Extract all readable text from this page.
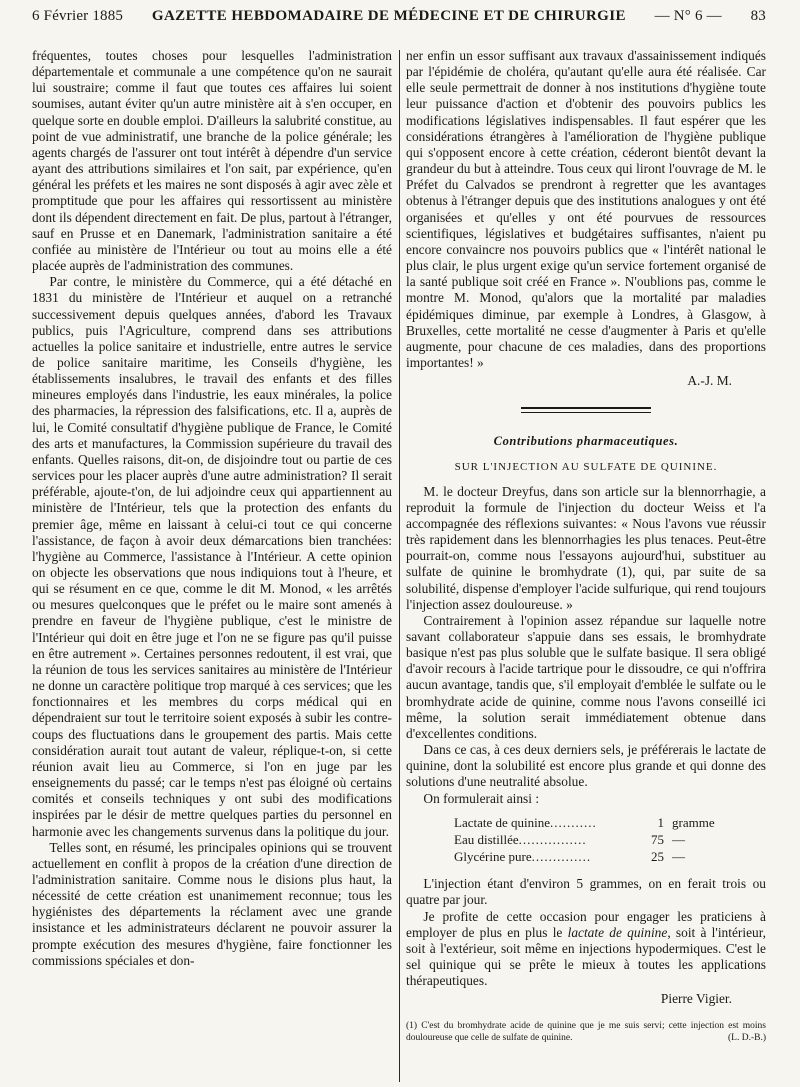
6 Février 1885 GAZETTE HEBDOMADAIRE DE MÉDECINE ET DE CHIRURGIE — N° 6 — 83

fréquentes, toutes choses pour lesquelles l'administration départementale et communale a une compétence qu'on ne saurait lui soustraire; comme il faut que toutes ces affaires lui soient soumises, autant éviter qu'un autre ministère ait à s'en occuper, en quelque sorte en double emploi. D'ailleurs la salubrité constitue, au point de vue administratif, une branche de la police générale; les agents chargés de l'assurer ont tout intérêt à dépendre d'un service ayant des attributions similaires et l'on sait, par expérience, qu'en général les préfets et les maires ne sont disposés à agir avec zèle et promptitude que pour les affaires qui ressortissent au ministère dont ils dépendent directement en fait. De plus, partout à l'étranger, sauf en Prusse et en Danemark, l'administration sanitaire a été confiée au ministère de l'Intérieur ou tout au moins elle a été placée auprès de l'administration des communes.

Par contre, le ministère du Commerce, qui a été détaché en 1831 du ministère de l'Intérieur et auquel on a retranché successivement depuis quelques années, d'abord les Travaux publics, puis l'Agriculture, comprend dans ses attributions actuelles la police sanitaire et industrielle, entre autres le service de police sanitaire maritime, les Conseils d'hygiène, les établissements insalubres, le travail des enfants et des filles mineures employés dans l'industrie, les eaux minérales, la police des pharmacies, la répression des falsifications, etc. Il a, auprès de lui, le Comité consultatif d'hygiène publique de France, le Comité des arts et manufactures, la Commission supérieure du travail des enfants. Quelles raisons, dit-on, de disjoindre tout ou partie de ces services pour les placer auprès d'une autre administration? Il serait préférable, ajoute-t'on, de lui adjoindre ceux qui appartiennent au ministère de l'Intérieur, tels que la protection des enfants du premier âge, même en laissant à celui-ci tout ce qui concerne l'assistance, de façon à avoir deux démarcations bien tranchées: l'hygiène au Commerce, l'assistance à l'Intérieur. A cette opinion on objecte les observations que nous indiquions tout à l'heure, et qui se résument en ce que, comme le dit M. Monod, « les arrêtés ou mesures quelconques que le préfet ou le maire sont amenés à prendre en faveur de l'hygiène publique, c'est le ministre de l'Intérieur qui doit en être juge et l'on ne se figure pas qu'il puisse en être autrement ». Certaines personnes redoutent, il est vrai, que la réunion de tous les services sanitaires au ministère de l'Intérieur ne donne un caractère politique trop marqué à ces services; que les fonctionnaires et les membres du corps médical qui en dépendraient sur tout le territoire soient exposés à subir les contre-coups des fluctuations dans le groupement des partis. Mais cette considération aurait tout autant de valeur, réplique-t-on, si cette réunion avait lieu au Commerce, si l'on en juge par les enseignements du passé; car le temps n'est pas éloigné où certains comités et conseils techniques y ont subi des modifications inspirées par le désir de mettre quelques parties du personnel en harmonie avec les changements survenus dans la politique du jour.

Telles sont, en résumé, les principales opinions qui se trouvent actuellement en conflit à propos de la création d'une direction de l'administration sanitaire. Comme nous le disions plus haut, la nécessité de cette création est unanimement reconnue; tous les hygiénistes des départements la réclament avec une grande insistance et les administrateurs déclarent ne pouvoir assurer la prompte exécution des mesures d'hygiène, faire fonctionner les commissions spéciales et don-

ner enfin un essor suffisant aux travaux d'assainissement indiqués par l'épidémie de choléra, qu'autant qu'elle aura été réalisée. Car elle seule permettrait de donner à nos institutions d'hygiène toute leur puissance d'action et d'obtenir des pouvoirs publics les modifications législatives indispensables. Il faut espérer que les considérations étrangères à l'amélioration de l'hygiène publique qui s'opposent encore à cette création, céderont bientôt devant la grandeur du but à atteindre. Tous ceux qui liront l'ouvrage de M. le Préfet du Calvados se prendront à regretter que les avantages obtenus à l'étranger depuis que des institutions analogues y ont été organisées et qu'elles y ont été pourvues de ressources scientifiques, législatives et budgétaires suffisantes, n'aient pu encore convaincre nos pouvoirs publics que « l'intérêt national le plus clair, le plus urgent exige qu'un service fortement organisé de la santé publique soit créé en France ». N'oublions pas, comme le montre M. Monod, qu'alors que la mortalité par maladies épidémiques diminue, par exemple à Londres, à Glasgow, à Bruxelles, cette mortalité ne cesse d'augmenter à Paris et qu'elle augmente, pour chacune de ces maladies, dans des proportions importantes! »

A.-J. M.
Contributions pharmaceutiques.
SUR L'INJECTION AU SULFATE DE QUININE.

M. le docteur Dreyfus, dans son article sur la blennorrhagie, a reproduit la formule de l'injection du docteur Weiss et l'a accompagnée des réflexions suivantes: « Nous l'avons vue réussir très rapidement dans les blennorrhagies les plus tenaces. Peut-être pourrait-on, comme nous l'essayons aujourd'hui, substituer au sulfate de quinine le bromhydrate (1), qui, par suite de sa solubilité, dispense d'employer l'acide sulfurique, qui rend toujours l'injection assez douloureuse. »

Contrairement à l'opinion assez répandue sur laquelle notre savant collaborateur s'appuie dans ses essais, le bromhydrate basique n'est pas plus soluble que le sulfate basique. Il sera obligé d'avoir recours à l'acide tartrique pour le dissoudre, ce qui n'offrira aucun avantage, tandis que, s'il employait d'emblée le sulfate ou le bromhydrate acide de quinine, comme nous l'avons conseillé ici même, la solution serait immédiatement obtenue dans d'excellentes conditions.

Dans ce cas, à ces deux derniers sels, je préférerais le lactate de quinine, dont la solubilité est encore plus grande et qui donne des solutions d'une neutralité absolue.

On formulerait ainsi :

Lactate de quinine...........	1	gramme
Eau distillée................	75	—
Glycérine pure..............	25	—

L'injection étant d'environ 5 grammes, on en ferait trois ou quatre par jour.

Je profite de cette occasion pour engager les praticiens à employer de plus en plus le lactate de quinine, soit à l'intérieur, soit à l'extérieur, soit même en injections hypodermiques. C'est le sel quinique qui se prête le mieux à toutes les applications thérapeutiques.

Pierre Vigier.
(1) C'est du bromhydrate acide de quinine que je me suis servi; cette injection est moins douloureuse que celle de sulfate de quinine.	(L. D.-B.)
